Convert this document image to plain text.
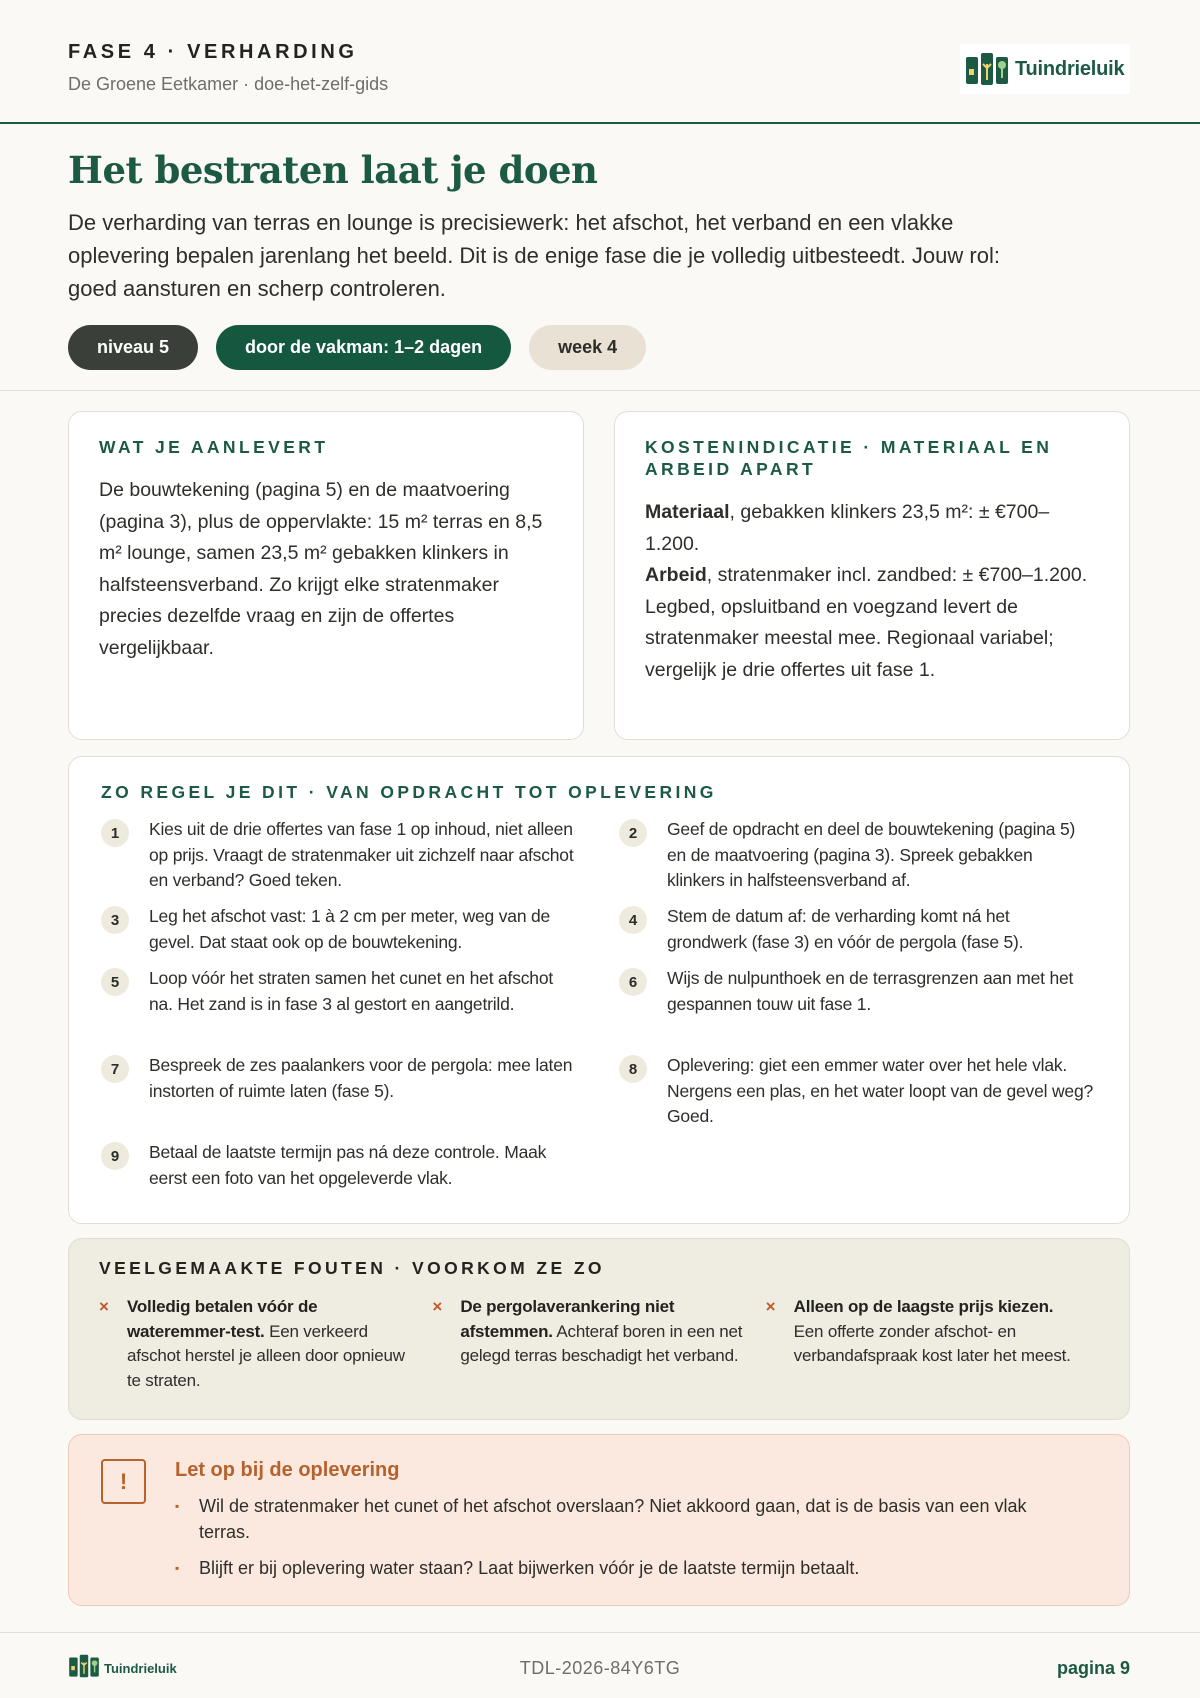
FASE 4 · VERHARDING
De Groene Eetkamer · doe-het-zelf-gids
Tuindrieluik
Het bestraten laat je doen

De verharding van terras en lounge is precisiewerk: het afschot, het verband en een vlakke oplevering bepalen jarenlang het beeld. Dit is de enige fase die je volledig uitbesteedt. Jouw rol: goed aansturen en scherp controleren.

niveau 5	door de vakman: 1–2 dagen	week 4
WAT JE AANLEVERT

De bouwtekening (pagina 5) en de maatvoering (pagina 3), plus de oppervlakte: 15 m² terras en 8,5 m² lounge, samen 23,5 m² gebakken klinkers in halfsteensverband. Zo krijgt elke stratenmaker precies dezelfde vraag en zijn de offertes vergelijkbaar.

KOSTENINDICATIE · MATERIAAL EN ARBEID APART
Materiaal, gebakken klinkers 23,5 m²: ± €700–1.200.
Arbeid, stratenmaker incl. zandbed: ± €700–1.200.
Legbed, opsluitband en voegzand levert de stratenmaker meestal mee. Regionaal variabel; vergelijk je drie offertes uit fase 1.
ZO REGEL JE DIT · VAN OPDRACHT TOT OPLEVERING
1	Kies uit de drie offertes van fase 1 op inhoud, niet alleen op prijs. Vraagt de stratenmaker uit zichzelf naar afschot en verband? Goed teken.
2	Geef de opdracht en deel de bouwtekening (pagina 5) en de maatvoering (pagina 3). Spreek gebakken klinkers in halfsteensverband af.
3	Leg het afschot vast: 1 à 2 cm per meter, weg van de gevel. Dat staat ook op de bouwtekening.
4	Stem de datum af: de verharding komt ná het grondwerk (fase 3) en vóór de pergola (fase 5).
5	Loop vóór het straten samen het cunet en het afschot na. Het zand is in fase 3 al gestort en aangetrild.
6	Wijs de nulpunthoek en de terrasgrenzen aan met het gespannen touw uit fase 1.
7	Bespreek de zes paalankers voor de pergola: mee laten instorten of ruimte laten (fase 5).
8	Oplevering: giet een emmer water over het hele vlak. Nergens een plas, en het water loopt van de gevel weg? Goed.
9	Betaal de laatste termijn pas ná deze controle. Maak eerst een foto van het opgeleverde vlak.
VEELGEMAAKTE FOUTEN · VOORKOM ZE ZO
×	Volledig betalen vóór de wateremmer-test. Een verkeerd afschot herstel je alleen door opnieuw te straten.
×	De pergolaverankering niet afstemmen. Achteraf boren in een net gelegd terras beschadigt het verband.
×	Alleen op de laagste prijs kiezen. Een offerte zonder afschot- en verbandafspraak kost later het meest.
!	Let op bij de oplevering
▪	Wil de stratenmaker het cunet of het afschot overslaan? Niet akkoord gaan, dat is de basis van een vlak terras.
▪	Blijft er bij oplevering water staan? Laat bijwerken vóór je de laatste termijn betaalt.
Tuindrieluik	TDL-2026-84Y6TG	pagina 9
